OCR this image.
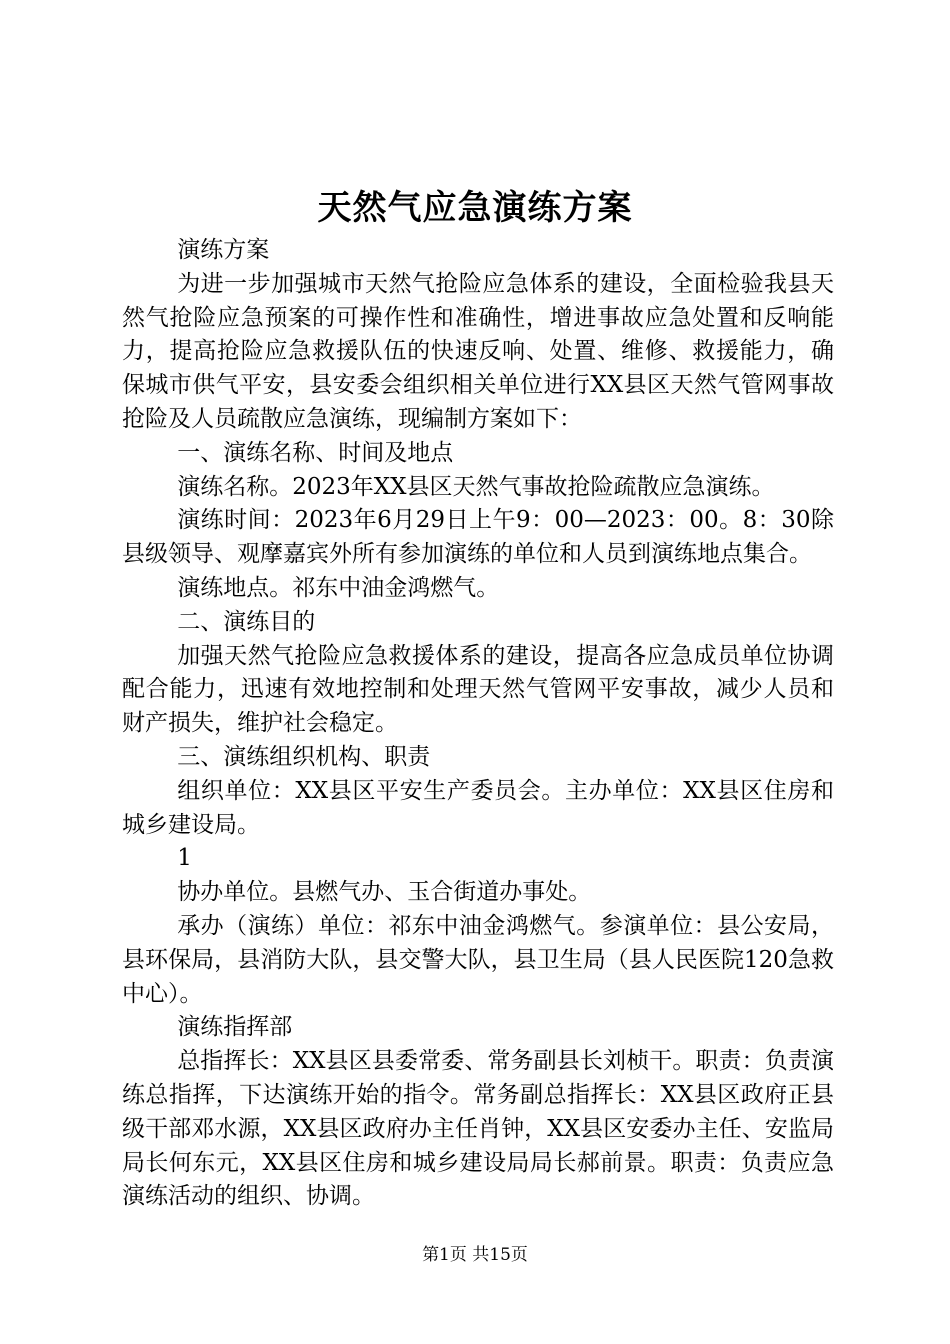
天然气应急演练方案

演练方案

为进一步加强城市天然气抢险应急体系的建设，全面检验我县天然气抢险应急预案的可操作性和准确性，增进事故应急处置和反响能力，提高抢险应急救援队伍的快速反响、处置、维修、救援能力，确保城市供气平安，县安委会组织相关单位进行XX县区天然气管网事故抢险及人员疏散应急演练，现编制方案如下：

一、演练名称、时间及地点

演练名称。2023年XX县区天然气事故抢险疏散应急演练。

演练时间：2023年6月29日上午9：00—2023：00。8：30除县级领导、观摩嘉宾外所有参加演练的单位和人员到演练地点集合。

演练地点。祁东中油金鸿燃气。

二、演练目的

加强天然气抢险应急救援体系的建设，提高各应急成员单位协调配合能力，迅速有效地控制和处理天然气管网平安事故，减少人员和财产损失，维护社会稳定。

三、演练组织机构、职责

组织单位：XX县区平安生产委员会。主办单位：XX县区住房和城乡建设局。

1

协办单位。县燃气办、玉合街道办事处。

承办（演练）单位：祁东中油金鸿燃气。参演单位：县公安局，县环保局，县消防大队，县交警大队，县卫生局（县人民医院120急救中心）。

演练指挥部

总指挥长：XX县区县委常委、常务副县长刘桢干。职责：负责演练总指挥，下达演练开始的指令。常务副总指挥长：XX县区政府正县级干部邓水源，XX县区政府办主任肖钟，XX县区安委办主任、安监局局长何东元，XX县区住房和城乡建设局局长郝前景。职责：负责应急演练活动的组织、协调。

第1页 共15页
